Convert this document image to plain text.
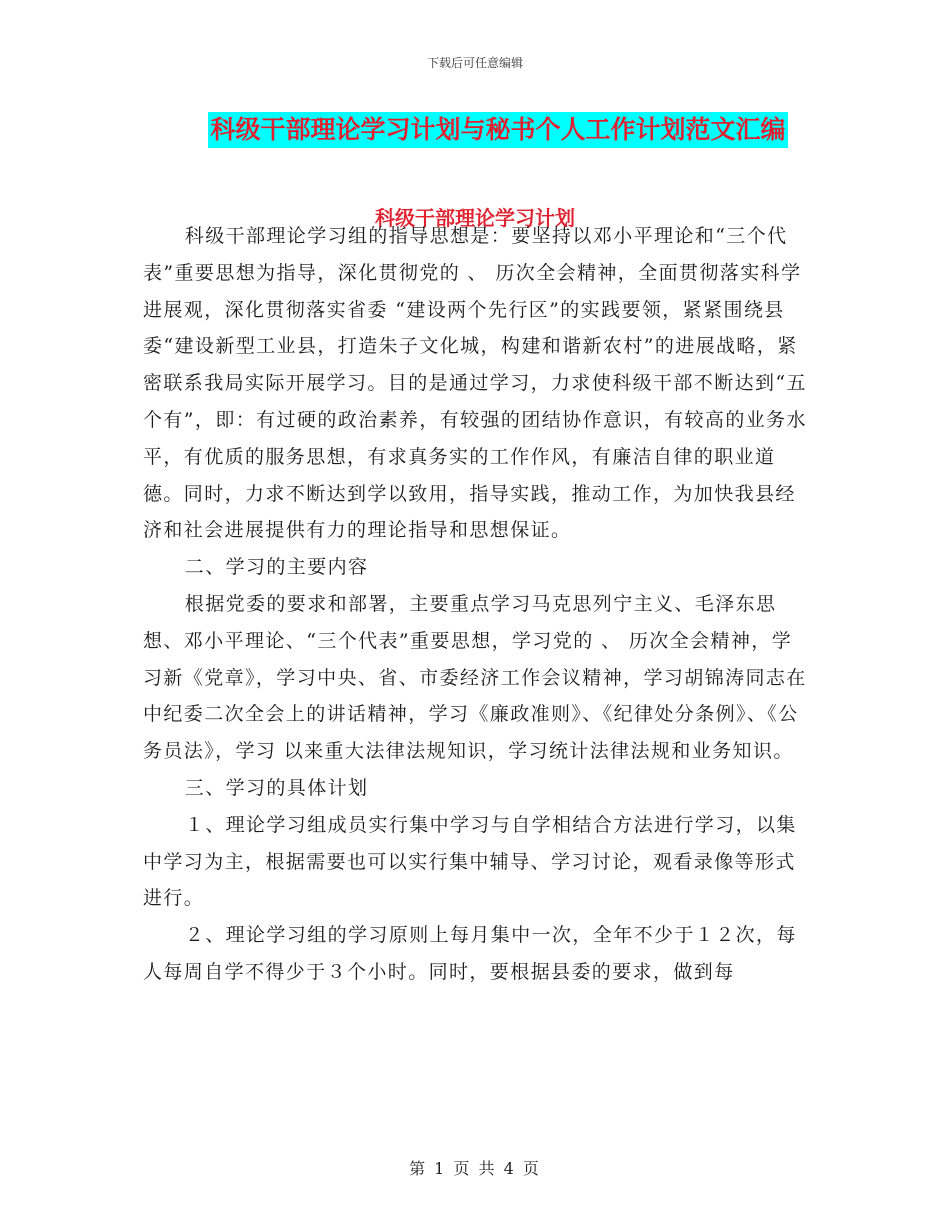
下载后可任意编辑
科级干部理论学习计划与秘书个人工作计划范文汇编
科级干部理论学习计划

科级干部理论学习组的指导思想是：要坚持以邓小平理论和“三个代表”重要思想为指导，深化贯彻党的 、 历次全会精神，全面贯彻落实科学进展观，深化贯彻落实省委 “建设两个先行区”的实践要领，紧紧围绕县委“建设新型工业县，打造朱子文化城，构建和谐新农村”的进展战略，紧密联系我局实际开展学习。目的是通过学习，力求使科级干部不断达到“五个有”，即：有过硬的政治素养，有较强的团结协作意识，有较高的业务水平，有优质的服务思想，有求真务实的工作作风，有廉洁自律的职业道德。同时，力求不断达到学以致用，指导实践，推动工作，为加快我县经济和社会进展提供有力的理论指导和思想保证。

二、学习的主要内容

根据党委的要求和部署，主要重点学习马克思列宁主义、毛泽东思想、邓小平理论、“三个代表”重要思想，学习党的 、 历次全会精神，学习新《党章》，学习中央、省、市委经济工作会议精神，学习胡锦涛同志在中纪委二次全会上的讲话精神，学习《廉政准则》、《纪律处分条例》、《公务员法》，学习 以来重大法律法规知识，学习统计法律法规和业务知识。

三、学习的具体计划

１、理论学习组成员实行集中学习与自学相结合方法进行学习，以集中学习为主，根据需要也可以实行集中辅导、学习讨论，观看录像等形式进行。

２、理论学习组的学习原则上每月集中一次，全年不少于１２次，每人每周自学不得少于３个小时。同时，要根据县委的要求，做到每

第 1 页 共 4 页
